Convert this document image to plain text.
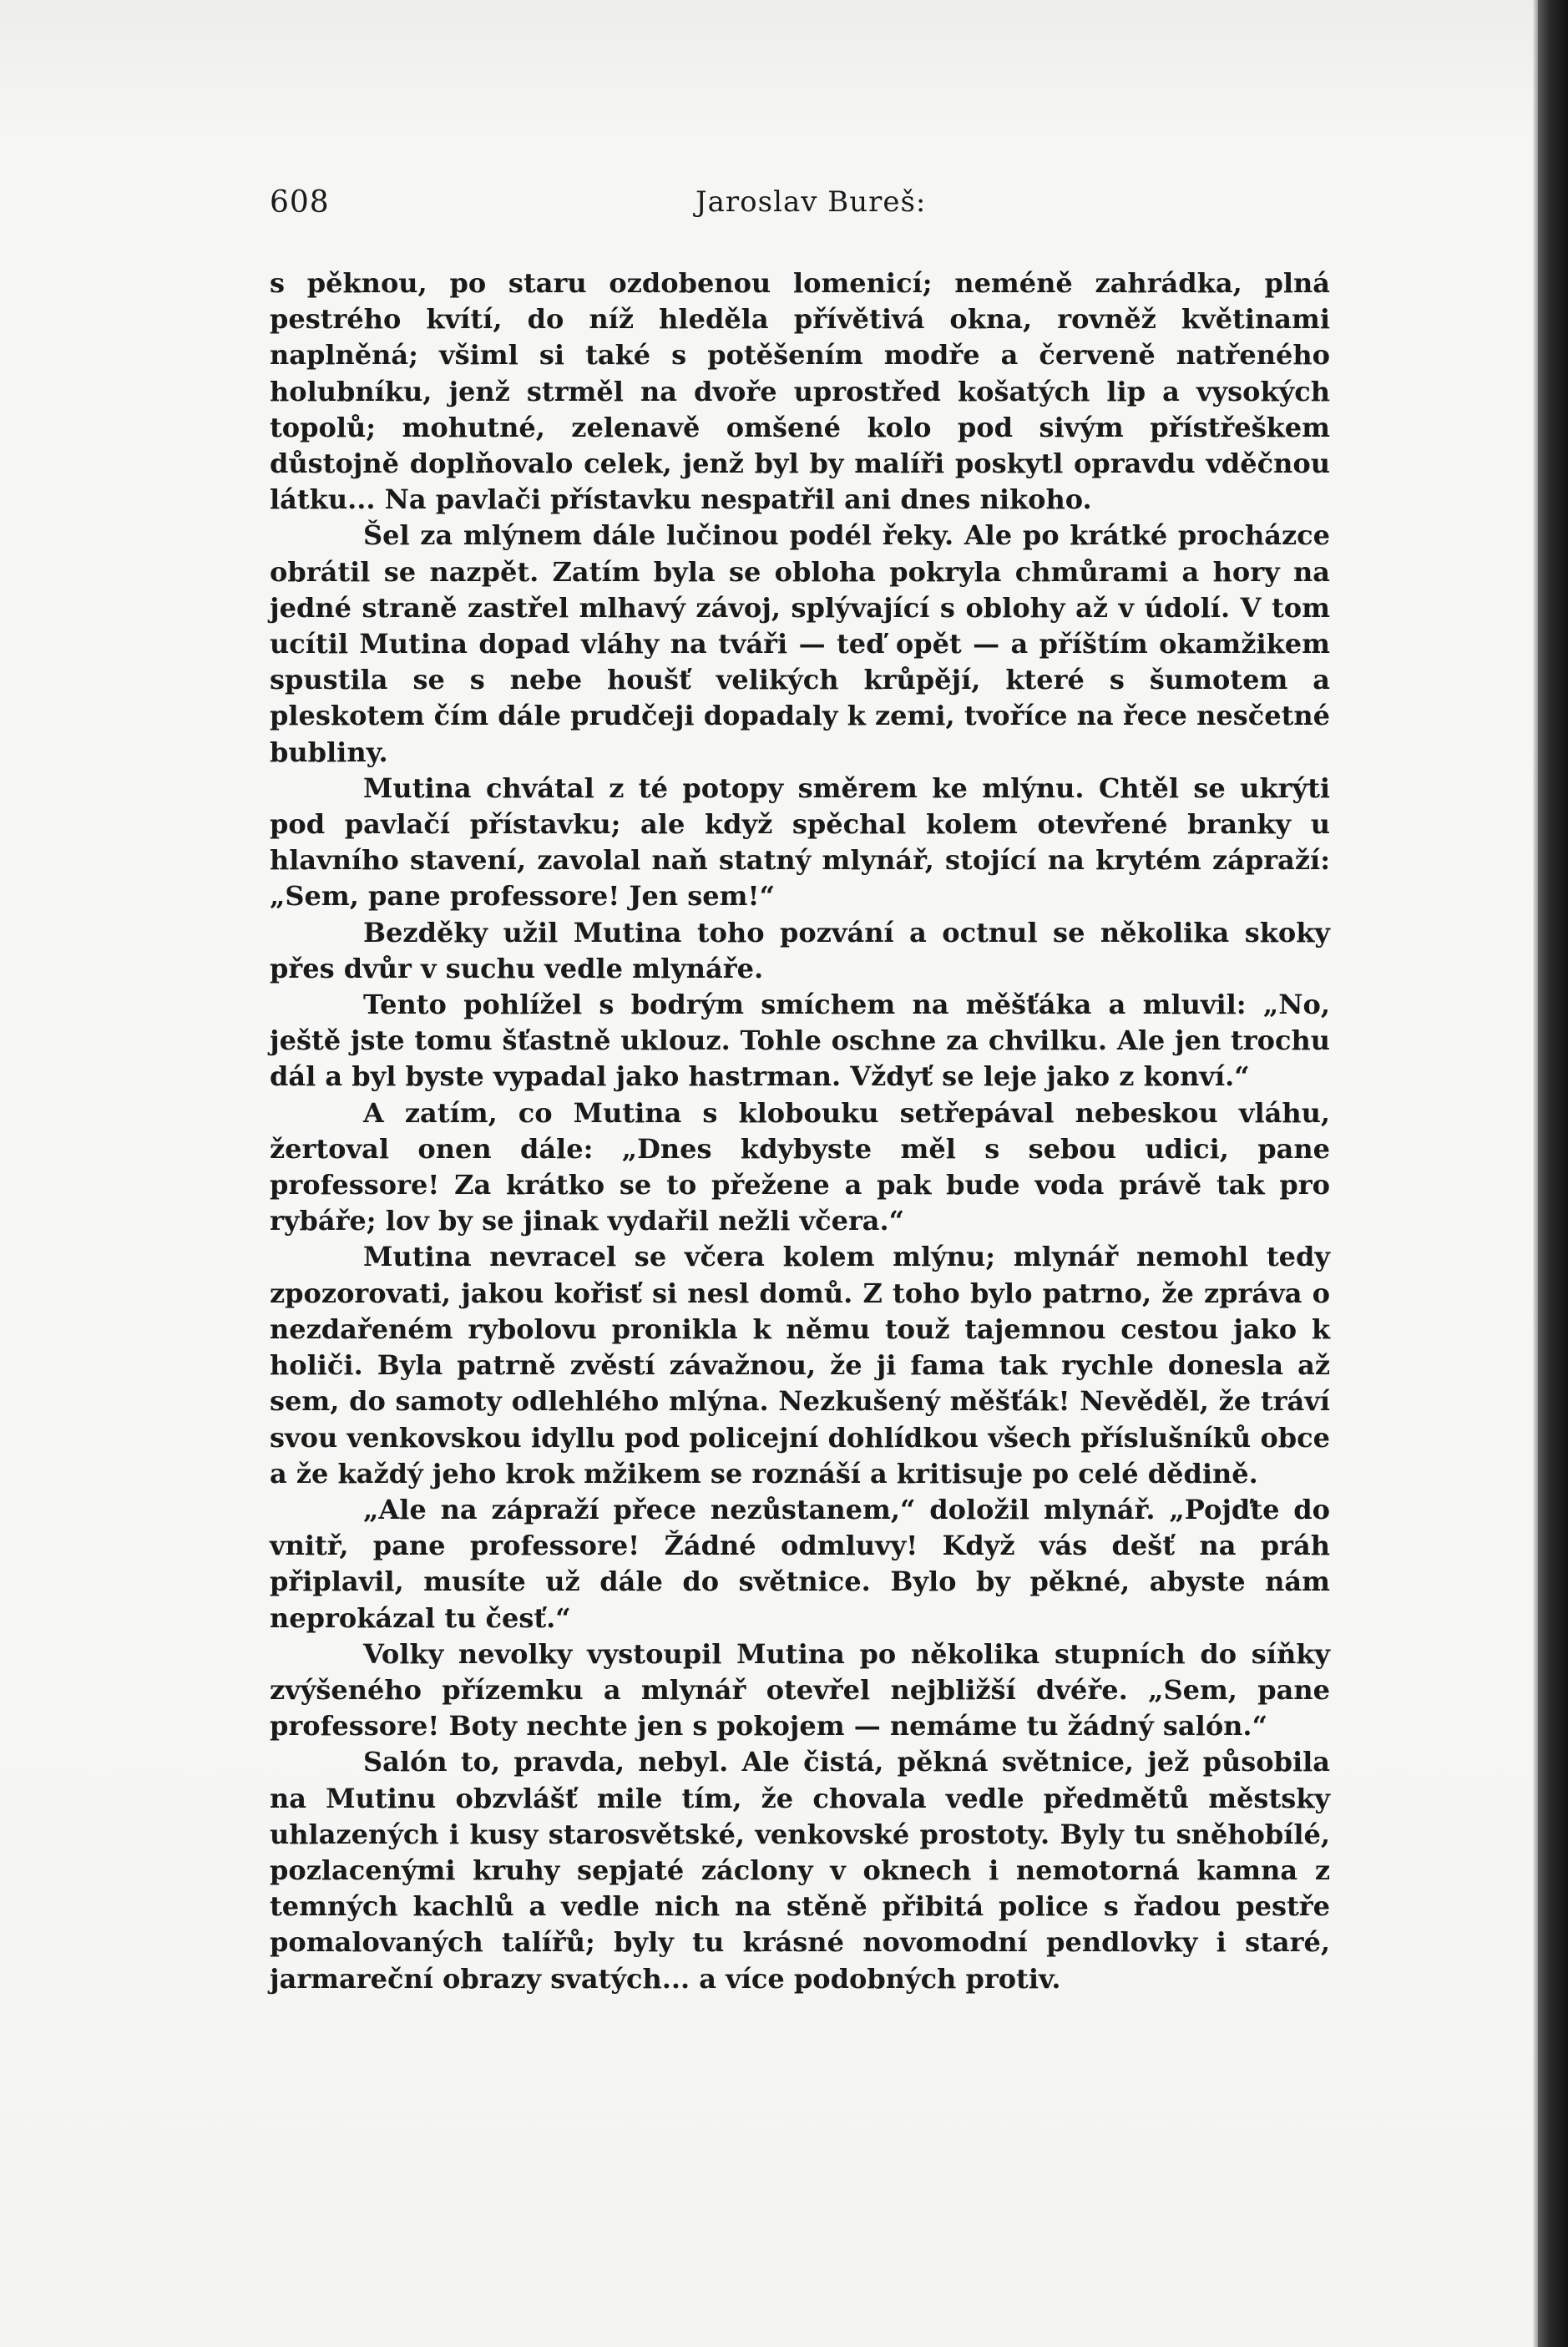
608	Jaroslav Bureš:

s pěknou, po staru ozdobenou lomenicí; neméně zahrádka, plná pestrého kvítí, do níž hleděla přívětivá okna, rovněž květinami naplněná; všiml si také s potěšením modře a červeně natřeného holubníku, jenž strměl na dvoře uprostřed košatých lip a vysokých topolů; mohutné, zelenavě omšené kolo pod sivým přístřeškem důstojně doplňovalo celek, jenž byl by malíři poskytl opravdu vděčnou látku... Na pavlači přístavku nespatřil ani dnes nikoho.

Šel za mlýnem dále lučinou podél řeky. Ale po krátké procházce obrátil se nazpět. Zatím byla se obloha pokryla chmůrami a hory na jedné straně zastřel mlhavý závoj, splývající s oblohy až v údolí. V tom ucítil Mutina dopad vláhy na tváři — teď opět — a příštím okamžikem spustila se s nebe houšť velikých krůpějí, které s šumotem a pleskotem čím dále prudčeji dopadaly k zemi, tvoříce na řece nesčetné bubliny.

Mutina chvátal z té potopy směrem ke mlýnu. Chtěl se ukrýti pod pavlačí přístavku; ale když spěchal kolem otevřené branky u hlavního stavení, zavolal naň statný mlynář, stojící na krytém zápraží: „Sem, pane professore! Jen sem!“

Bezděky užil Mutina toho pozvání a octnul se několika skoky přes dvůr v suchu vedle mlynáře.

Tento pohlížel s bodrým smíchem na měšťáka a mluvil: „No, ještě jste tomu šťastně uklouz. Tohle oschne za chvilku. Ale jen trochu dál a byl byste vypadal jako hastrman. Vždyť se leje jako z konví.“

A zatím, co Mutina s klobouku setřepával nebeskou vláhu, žertoval onen dále: „Dnes kdybyste měl s sebou udici, pane professore! Za krátko se to přežene a pak bude voda právě tak pro rybáře; lov by se jinak vydařil nežli včera.“

Mutina nevracel se včera kolem mlýnu; mlynář nemohl tedy zpozorovati, jakou kořisť si nesl domů. Z toho bylo patrno, že zpráva o nezdařeném rybolovu pronikla k němu touž tajemnou cestou jako k holiči. Byla patrně zvěstí závažnou, že ji fama tak rychle donesla až sem, do samoty odlehlého mlýna. Nezkušený měšťák! Nevěděl, že tráví svou venkovskou idyllu pod policejní dohlídkou všech příslušníků obce a že každý jeho krok mžikem se roznáší a kritisuje po celé dědině.

„Ale na zápraží přece nezůstanem,“ doložil mlynář. „Pojďte do vnitř, pane professore! Žádné odmluvy! Když vás dešť na práh připlavil, musíte už dále do světnice. Bylo by pěkné, abyste nám neprokázal tu česť.“

Volky nevolky vystoupil Mutina po několika stupních do síňky zvýšeného přízemku a mlynář otevřel nejbližší dvéře. „Sem, pane professore! Boty nechte jen s pokojem — nemáme tu žádný salón.“

Salón to, pravda, nebyl. Ale čistá, pěkná světnice, jež působila na Mutinu obzvlášť mile tím, že chovala vedle předmětů městsky uhlazených i kusy starosvětské, venkovské prostoty. Byly tu sněhobílé, pozlacenými kruhy sepjaté záclony v oknech i nemotorná kamna z temných kachlů a vedle nich na stěně přibitá police s řadou pestře pomalovaných talířů; byly tu krásné novomodní pendlovky i staré, jarmareční obrazy svatých... a více podobných protiv.
